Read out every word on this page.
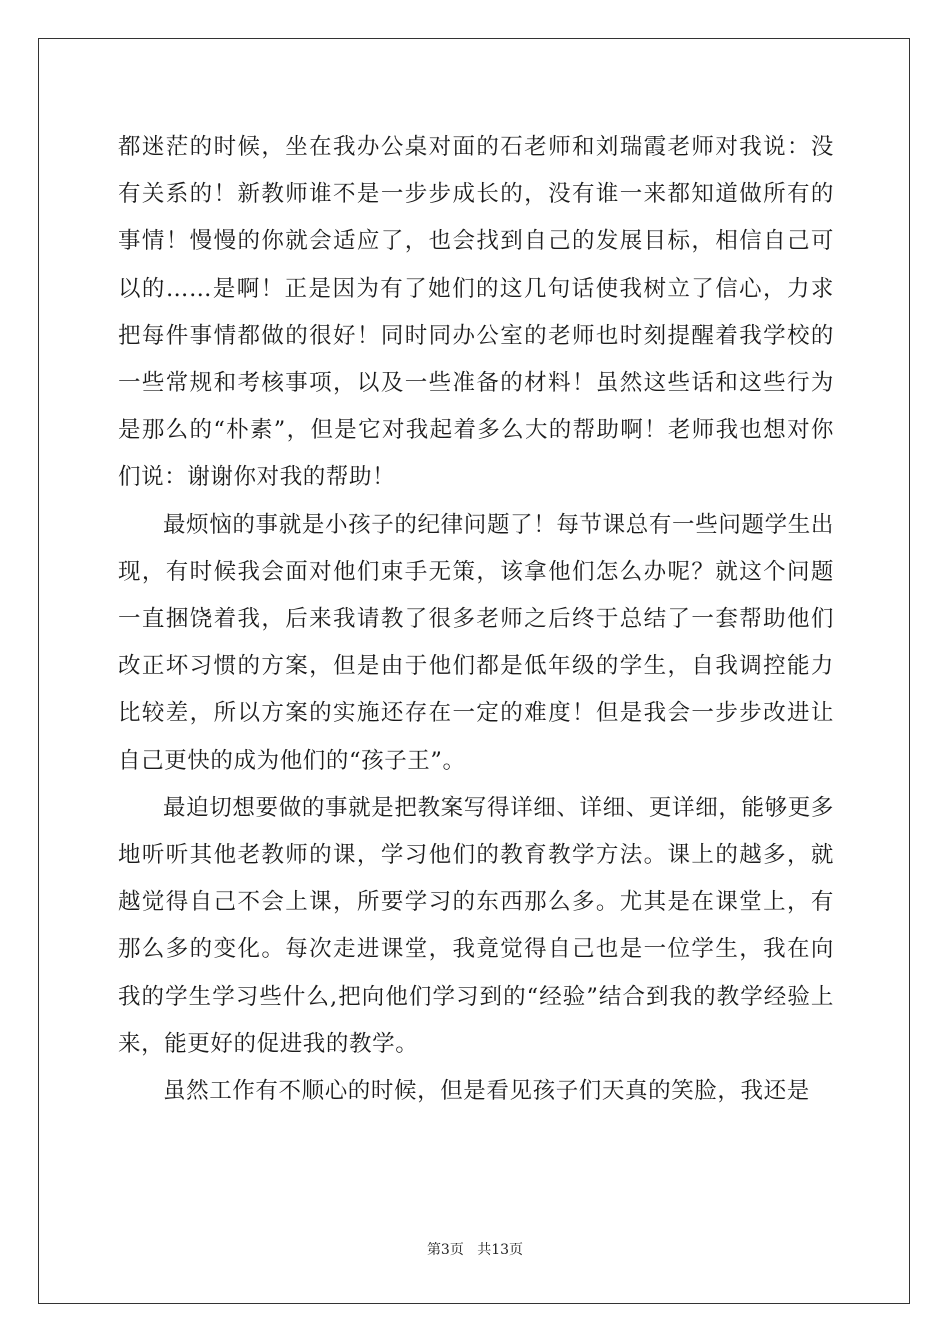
都迷茫的时候，坐在我办公桌对面的石老师和刘瑞霞老师对我说：没有关系的！新教师谁不是一步步成长的，没有谁一来都知道做所有的事情！慢慢的你就会适应了，也会找到自己的发展目标，相信自己可以的……是啊！正是因为有了她们的这几句话使我树立了信心，力求把每件事情都做的很好！同时同办公室的老师也时刻提醒着我学校的一些常规和考核事项，以及一些准备的材料！虽然这些话和这些行为是那么的“朴素”，但是它对我起着多么大的帮助啊！老师我也想对你们说：谢谢你对我的帮助！

最烦恼的事就是小孩子的纪律问题了！每节课总有一些问题学生出现，有时候我会面对他们束手无策，该拿他们怎么办呢？就这个问题一直捆饶着我，后来我请教了很多老师之后终于总结了一套帮助他们改正坏习惯的方案，但是由于他们都是低年级的学生，自我调控能力比较差，所以方案的实施还存在一定的难度！但是我会一步步改进让自己更快的成为他们的“孩子王”。

最迫切想要做的事就是把教案写得详细、详细、更详细，能够更多地听听其他老教师的课，学习他们的教育教学方法。课上的越多，就越觉得自己不会上课，所要学习的东西那么多。尤其是在课堂上，有那么多的变化。每次走进课堂，我竟觉得自己也是一位学生，我在向我的学生学习些什么,把向他们学习到的“经验”结合到我的教学经验上来，能更好的促进我的教学。

虽然工作有不顺心的时候，但是看见孩子们天真的笑脸，我还是

第3页 共13页
